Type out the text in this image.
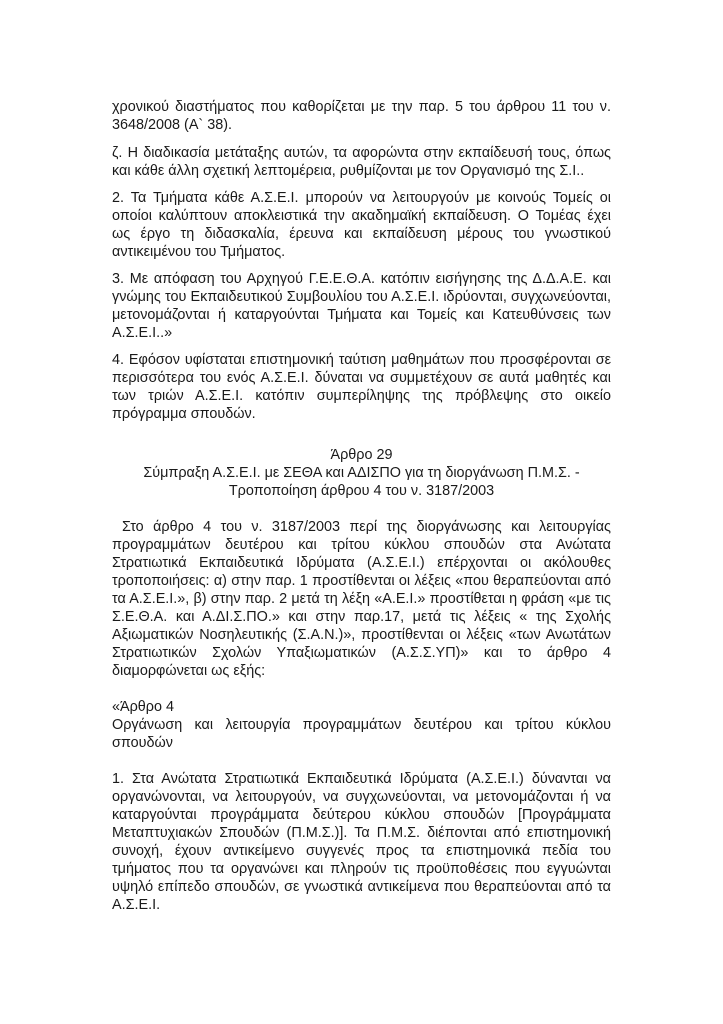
χρονικού διαστήματος που καθορίζεται με την παρ. 5 του άρθρου 11 του ν. 3648/2008 (Α` 38).

ζ. Η διαδικασία μετάταξης αυτών, τα αφορώντα στην εκπαίδευσή τους, όπως και κάθε άλλη σχετική λεπτομέρεια, ρυθμίζονται με τον Οργανισμό της Σ.Ι..

2. Τα Τμήματα κάθε Α.Σ.Ε.Ι. μπορούν να λειτουργούν με κοινούς Τομείς οι οποίοι καλύπτουν αποκλειστικά την ακαδημαϊκή εκπαίδευση. Ο Τομέας έχει ως έργο τη διδασκαλία, έρευνα και εκπαίδευση μέρους του γνωστικού αντικειμένου του Τμήματος.

3. Με απόφαση του Αρχηγού Γ.Ε.Ε.Θ.Α. κατόπιν εισήγησης της Δ.Δ.Α.Ε. και γνώμης του Εκπαιδευτικού Συμβουλίου του Α.Σ.Ε.Ι. ιδρύονται, συγχωνεύονται, μετονομάζονται ή καταργούνται Τμήματα και Τομείς και Κατευθύνσεις των Α.Σ.Ε.Ι..»

4. Εφόσον υφίσταται επιστημονική ταύτιση μαθημάτων που προσφέρονται σε περισσότερα του ενός Α.Σ.Ε.Ι. δύναται να συμμετέχουν σε αυτά μαθητές και των τριών Α.Σ.Ε.Ι. κατόπιν συμπερίληψης της πρόβλεψης στο οικείο πρόγραμμα σπουδών.

Άρθρο 29
Σύμπραξη Α.Σ.Ε.Ι. με ΣΕΘΑ και ΑΔΙΣΠΟ για τη διοργάνωση Π.Μ.Σ. -
Τροποποίηση άρθρου 4 του ν. 3187/2003

Στο άρθρο 4 του ν. 3187/2003 περί της διοργάνωσης και λειτουργίας προγραμμάτων δευτέρου και τρίτου κύκλου σπουδών στα Ανώτατα Στρατιωτικά Εκπαιδευτικά Ιδρύματα (Α.Σ.Ε.Ι.) επέρχονται οι ακόλουθες τροποποιήσεις: α) στην παρ. 1 προστίθενται οι λέξεις «που θεραπεύονται από τα Α.Σ.Ε.Ι.», β) στην παρ. 2 μετά τη λέξη «Α.Ε.Ι.» προστίθεται η φράση «με τις Σ.Ε.Θ.Α. και Α.ΔΙ.Σ.ΠΟ.» και στην παρ.17, μετά τις λέξεις « της Σχολής Αξιωματικών Νοσηλευτικής (Σ.Α.Ν.)», προστίθενται οι λέξεις «των Ανωτάτων Στρατιωτικών Σχολών Υπαξιωματικών (Α.Σ.Σ.ΥΠ)» και το άρθρο 4 διαμορφώνεται ως εξής:

«Άρθρο 4

Οργάνωση και λειτουργία προγραμμάτων δευτέρου και τρίτου κύκλου σπουδών

1. Στα Ανώτατα Στρατιωτικά Εκπαιδευτικά Ιδρύματα (Α.Σ.Ε.Ι.) δύνανται να οργανώνονται, να λειτουργούν, να συγχωνεύονται, να μετονομάζονται ή να καταργούνται προγράμματα δεύτερου κύκλου σπουδών [Προγράμματα Μεταπτυχιακών Σπουδών (Π.Μ.Σ.)]. Τα Π.Μ.Σ. διέπονται από επιστημονική συνοχή, έχουν αντικείμενο συγγενές προς τα επιστημονικά πεδία του τμήματος που τα οργανώνει και πληρούν τις προϋποθέσεις που εγγυώνται υψηλό επίπεδο σπουδών, σε γνωστικά αντικείμενα που θεραπεύονται από τα Α.Σ.Ε.Ι.
